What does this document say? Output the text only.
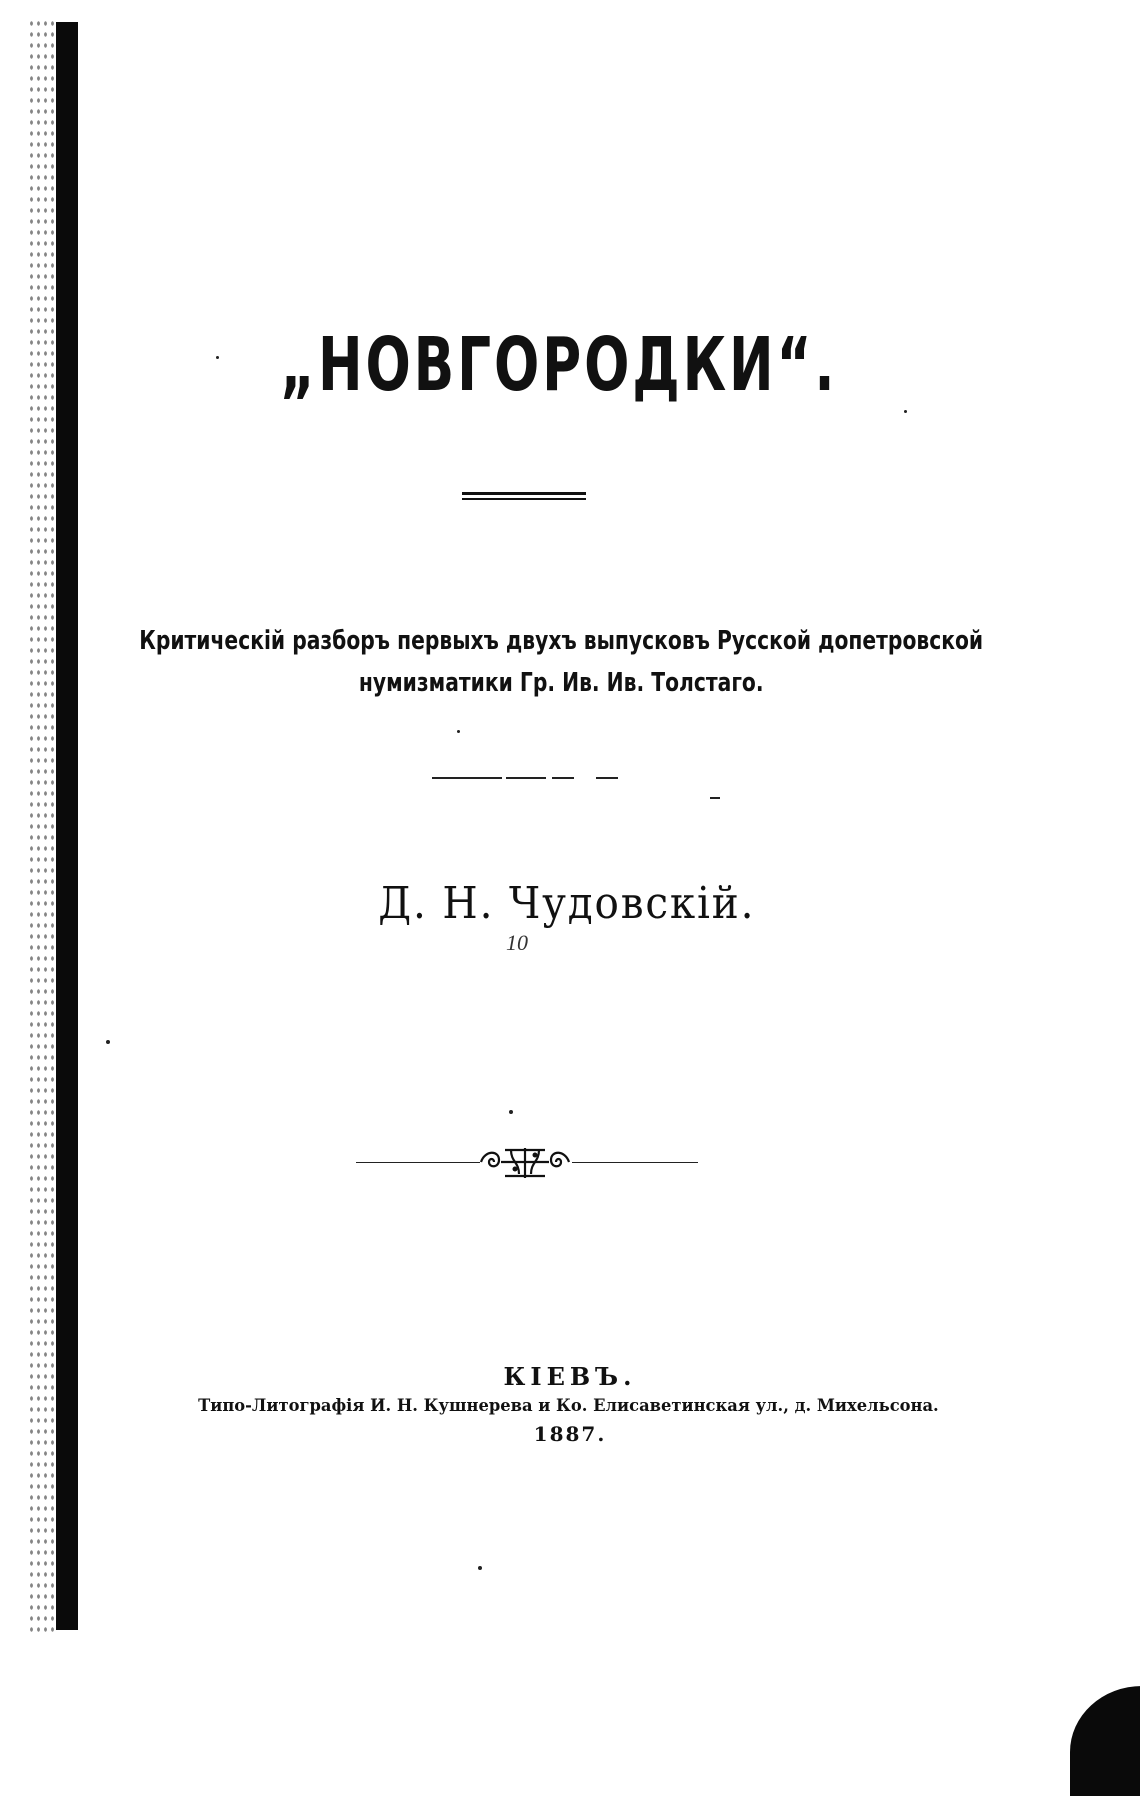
„НОВГОРОДКИ“.
Критическій разборъ первыхъ двухъ выпусковъ Русской допетровской
нумизматики Гр. Ив. Ив. Толстаго.
Д. Н. Чудовскій.
10
КІЕВЪ.
Типо-Литографія И. Н. Кушнерева и Ко. Елисаветинская ул., д. Михельсона.
1887.
